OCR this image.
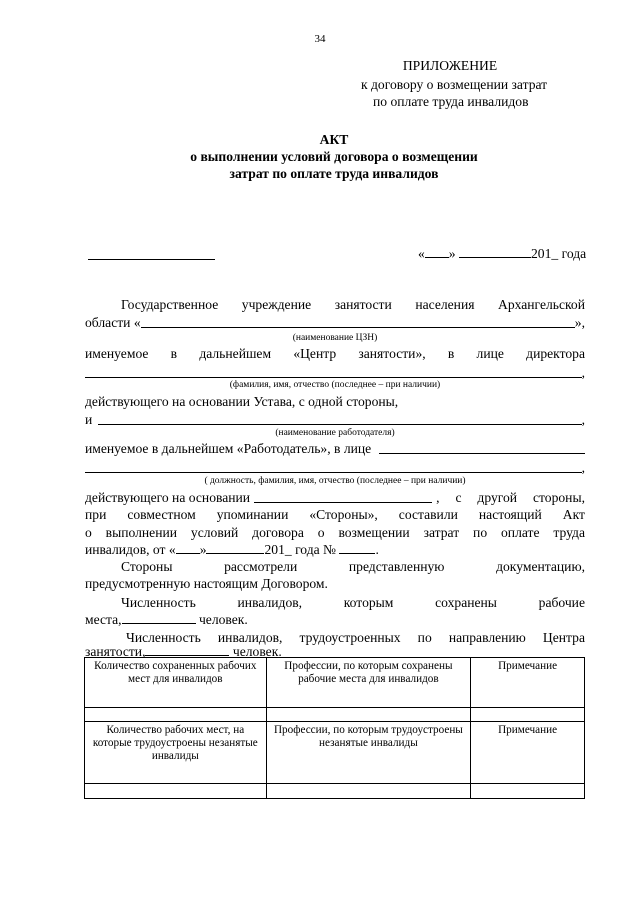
34
ПРИЛОЖЕНИЕ
к договору о возмещении затрат
по оплате труда инвалидов
АКТ
о выполнении условий договора о возмещении
затрат по оплате труда инвалидов
« »	201_ года
Государственное учреждение занятости населения Архангельской
области «	»,
(наименование ЦЗН)
именуемое в дальнейшем «Центр занятости», в лице директора
,
(фамилия, имя, отчество (последнее – при наличии)
действующего на основании Устава, с одной стороны,
и	,
(наименование работодателя)
именуемое в дальнейшем «Работодатель», в лице
,
( должность, фамилия, имя, отчество (последнее – при наличии)
действующего на основании	, с другой стороны,
при совместном упоминании «Стороны», составили настоящий Акт
о выполнении условий договора о возмещении затрат по оплате труда
инвалидов, от « »	201_ года №	.
Стороны рассмотрели представленную документацию,
предусмотренную настоящим Договором.
Численность инвалидов, которым сохранены рабочие
места,	человек.
Численность инвалидов, трудоустроенных по направлению Центра
занятости,	человек.
Количество сохраненных рабочих мест для инвалидов	Профессии, по которым сохранены рабочие места для инвалидов	Примечание

Количество рабочих мест, на которые трудоустроены незанятые инвалиды	Профессии, по которым трудоустроены незанятые инвалиды	Примечание
